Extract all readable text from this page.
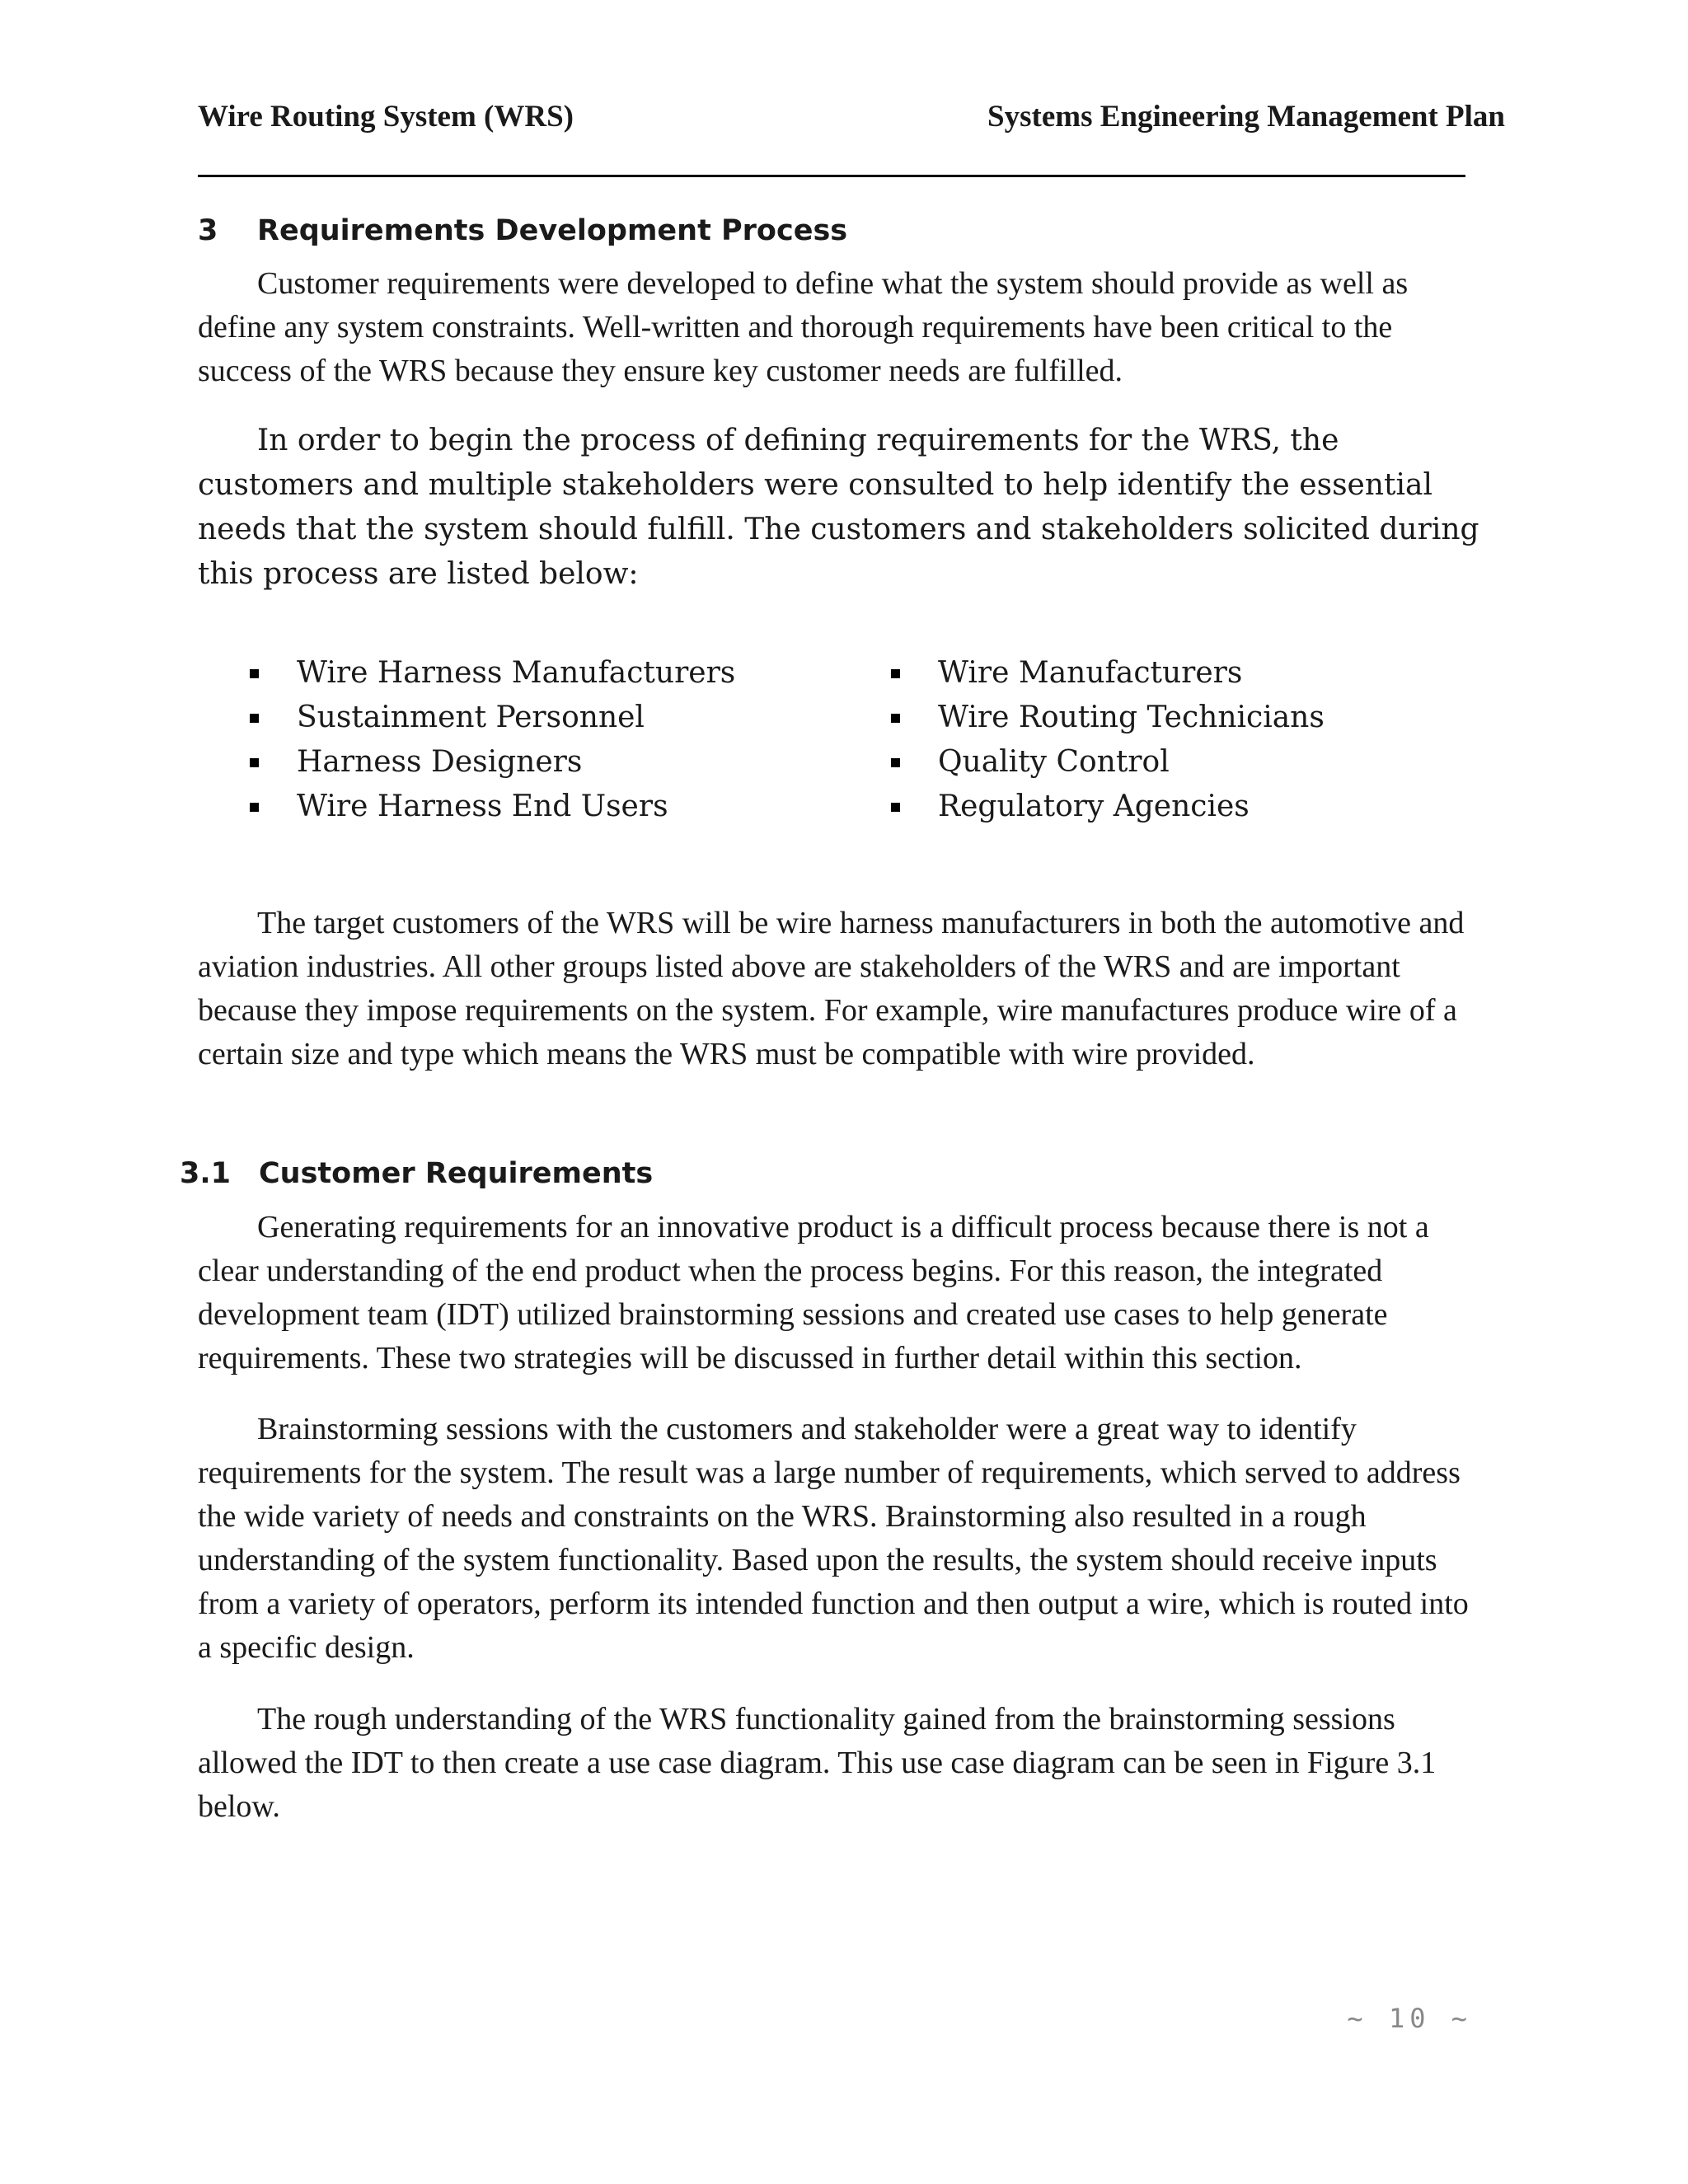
Wire Routing System (WRS)	Systems Engineering Management Plan
3 Requirements Development Process

Customer requirements were developed to define what the system should provide as well as define any system constraints. Well-written and thorough requirements have been critical to the success of the WRS because they ensure key customer needs are fulfilled.

In order to begin the process of defining requirements for the WRS, the customers and multiple stakeholders were consulted to help identify the essential needs that the system should fulfill. The customers and stakeholders solicited during this process are listed below:

Wire Harness Manufacturers
Sustainment Personnel
Harness Designers
Wire Harness End Users
Wire Manufacturers
Wire Routing Technicians
Quality Control
Regulatory Agencies

The target customers of the WRS will be wire harness manufacturers in both the automotive and aviation industries. All other groups listed above are stakeholders of the WRS and are important because they impose requirements on the system. For example, wire manufactures produce wire of a certain size and type which means the WRS must be compatible with wire provided.

3.1 Customer Requirements

Generating requirements for an innovative product is a difficult process because there is not a clear understanding of the end product when the process begins. For this reason, the integrated development team (IDT) utilized brainstorming sessions and created use cases to help generate requirements. These two strategies will be discussed in further detail within this section.

Brainstorming sessions with the customers and stakeholder were a great way to identify requirements for the system. The result was a large number of requirements, which served to address the wide variety of needs and constraints on the WRS. Brainstorming also resulted in a rough understanding of the system functionality. Based upon the results, the system should receive inputs from a variety of operators, perform its intended function and then output a wire, which is routed into a specific design.

The rough understanding of the WRS functionality gained from the brainstorming sessions allowed the IDT to then create a use case diagram. This use case diagram can be seen in Figure 3.1 below.

~ 10 ~
